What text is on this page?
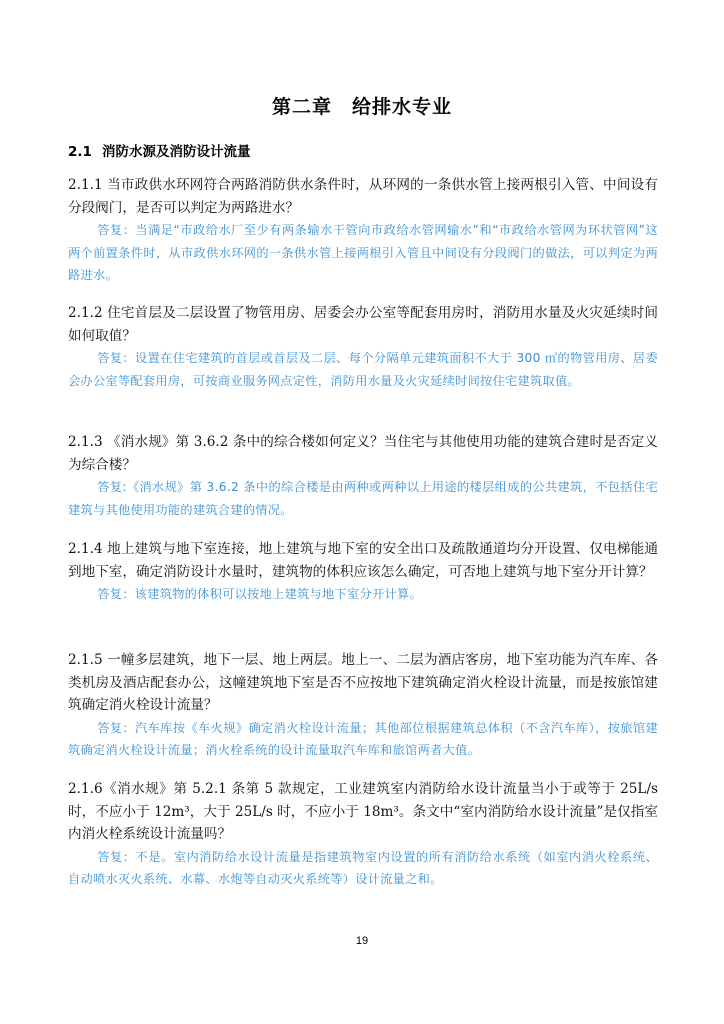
第二章　给排水专业
2.1 消防水源及消防设计流量

2.1.1 当市政供水环网符合两路消防供水条件时，从环网的一条供水管上接两根引入管、中间设有分段阀门，是否可以判定为两路进水？

答复：当满足“市政给水厂至少有两条输水干管向市政给水管网输水”和“市政给水管网为环状管网”这两个前置条件时，从市政供水环网的一条供水管上接两根引入管且中间设有分段阀门的做法，可以判定为两路进水。

2.1.2 住宅首层及二层设置了物管用房、居委会办公室等配套用房时，消防用水量及火灾延续时间如何取值？

答复：设置在住宅建筑的首层或首层及二层、每个分隔单元建筑面积不大于 300 ㎡的物管用房、居委会办公室等配套用房，可按商业服务网点定性，消防用水量及火灾延续时间按住宅建筑取值。

2.1.3 《消水规》第 3.6.2 条中的综合楼如何定义？当住宅与其他使用功能的建筑合建时是否定义为综合楼？

答复:《消水规》第 3.6.2 条中的综合楼是由两种或两种以上用途的楼层组成的公共建筑，不包括住宅建筑与其他使用功能的建筑合建的情况。

2.1.4 地上建筑与地下室连接，地上建筑与地下室的安全出口及疏散通道均分开设置、仅电梯能通到地下室，确定消防设计水量时，建筑物的体积应该怎么确定，可否地上建筑与地下室分开计算？

答复：该建筑物的体积可以按地上建筑与地下室分开计算。

2.1.5 一幢多层建筑，地下一层、地上两层。地上一、二层为酒店客房，地下室功能为汽车库、各类机房及酒店配套办公，这幢建筑地下室是否不应按地下建筑确定消火栓设计流量，而是按旅馆建筑确定消火栓设计流量？

答复：汽车库按《车火规》确定消火栓设计流量；其他部位根据建筑总体积（不含汽车库），按旅馆建筑确定消火栓设计流量；消火栓系统的设计流量取汽车库和旅馆两者大值。

2.1.6《消水规》第 5.2.1 条第 5 款规定，工业建筑室内消防给水设计流量当小于或等于 25L/s 时，不应小于 12m³，大于 25L/s 时，不应小于 18m³。条文中“室内消防给水设计流量”是仅指室内消火栓系统设计流量吗？

答复：不是。室内消防给水设计流量是指建筑物室内设置的所有消防给水系统（如室内消火栓系统、自动喷水灭火系统、水幕、水炮等自动灭火系统等）设计流量之和。

19
